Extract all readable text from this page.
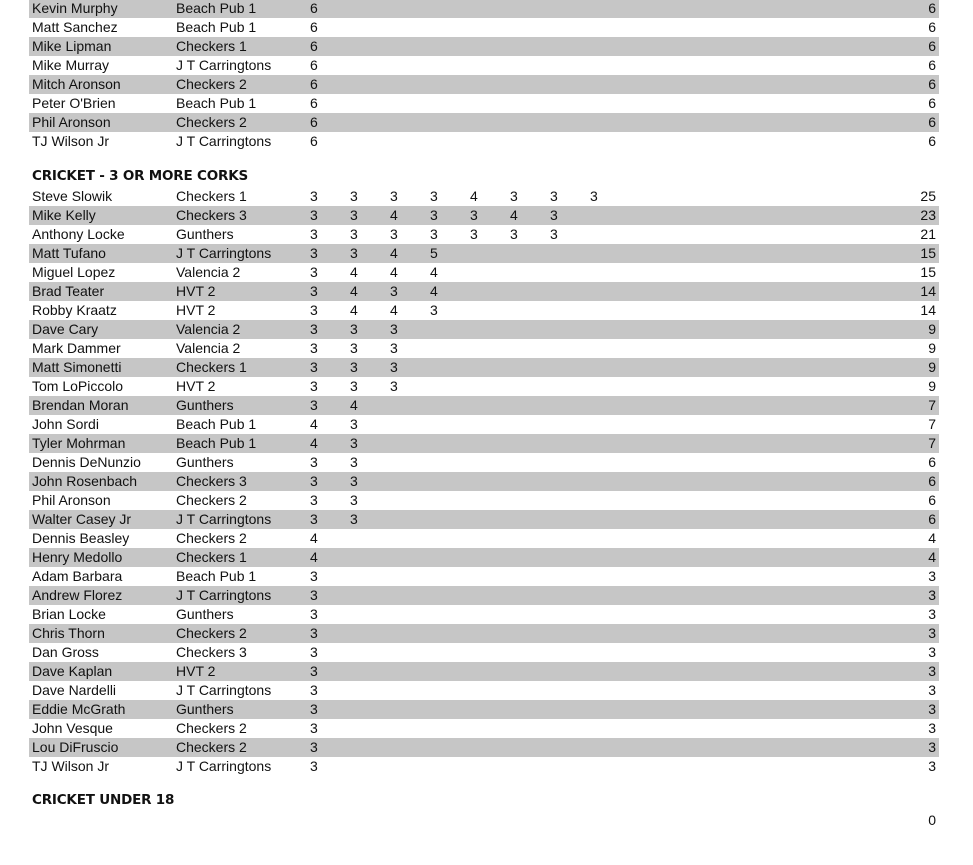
Kevin Murphy	Beach Pub 1	6	6
Matt Sanchez	Beach Pub 1	6	6
Mike Lipman	Checkers 1	6	6
Mike Murray	J T Carringtons	6	6
Mitch Aronson	Checkers 2	6	6
Peter O'Brien	Beach Pub 1	6	6
Phil Aronson	Checkers 2	6	6
TJ Wilson Jr	J T Carringtons	6	6
CRICKET - 3 OR MORE CORKS
Steve Slowik	Checkers 1	3 3 3 3 4 3 3 3	25
Mike Kelly	Checkers 3	3 3 4 3 3 4 3	23
Anthony Locke	Gunthers	3 3 3 3 3 3 3	21
Matt Tufano	J T Carringtons	3 3 4 5	15
Miguel Lopez	Valencia 2	3 4 4 4	15
Brad Teater	HVT 2	3 4 3 4	14
Robby Kraatz	HVT 2	3 4 4 3	14
Dave Cary	Valencia 2	3 3 3	9
Mark Dammer	Valencia 2	3 3 3	9
Matt Simonetti	Checkers 1	3 3 3	9
Tom LoPiccolo	HVT 2	3 3 3	9
Brendan Moran	Gunthers	3 4	7
John Sordi	Beach Pub 1	4 3	7
Tyler Mohrman	Beach Pub 1	4 3	7
Dennis DeNunzio	Gunthers	3 3	6
John Rosenbach	Checkers 3	3 3	6
Phil Aronson	Checkers 2	3 3	6
Walter Casey Jr	J T Carringtons	3 3	6
Dennis Beasley	Checkers 2	4	4
Henry Medollo	Checkers 1	4	4
Adam Barbara	Beach Pub 1	3	3
Andrew Florez	J T Carringtons	3	3
Brian Locke	Gunthers	3	3
Chris Thorn	Checkers 2	3	3
Dan Gross	Checkers 3	3	3
Dave Kaplan	HVT 2	3	3
Dave Nardelli	J T Carringtons	3	3
Eddie McGrath	Gunthers	3	3
John Vesque	Checkers 2	3	3
Lou DiFruscio	Checkers 2	3	3
TJ Wilson Jr	J T Carringtons	3	3
CRICKET UNDER 18
0
